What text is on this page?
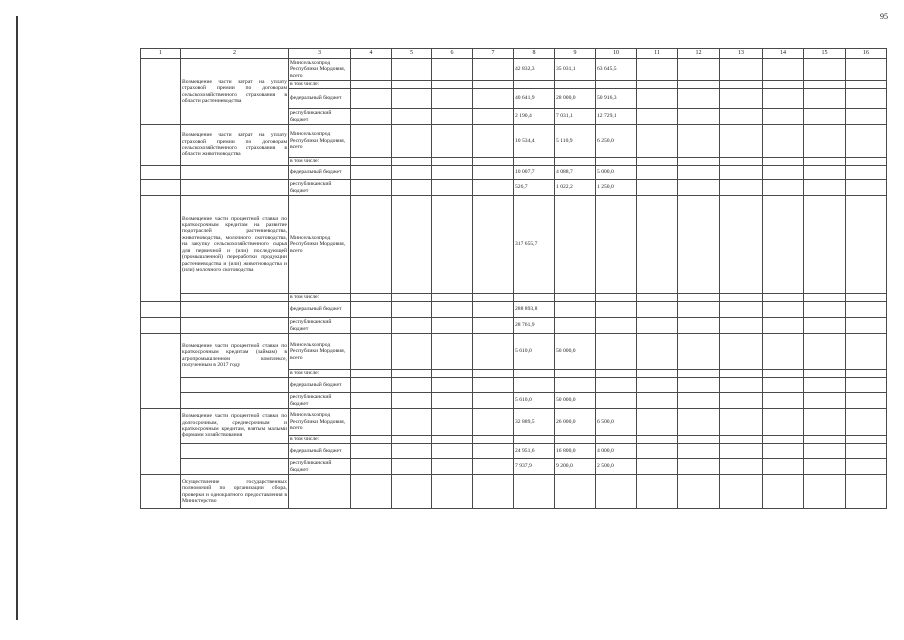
95
1	2	3	4	5	6	7	8	9	10	11	12	13	14	15	16
	Возмещение части затрат на уплату страховой премии по договорам сельскохозяйственного страхования в области растениеводства	Минсельхозпрод Республики Мордовия, всего					42 832,3	35 031,1	63 645,5						
		в том числе:													
		федеральный бюджет					40 641,9	28 000,0	50 916,3						
		республиканский бюджет					2 190,4	7 031,1	12 729,1						
	Возмещение части затрат на уплату страховой премии по договорам сельскохозяйственного страхования в области животноводства	Минсельхозпрод Республики Мордовия, всего					10 534,4	5 110,9	6 250,0						
		в том числе:													
		федеральный бюджет					10 007,7	4 088,7	5 000,0						
		республиканский бюджет					526,7	1 022,2	1 250,0						
	Возмещение части процентной ставки по краткосрочным кредитам на развитие подотраслей растениеводства, животноводства, молочного скотоводства, на закупку сельскохозяйственного сырья для первичной и (или) последующей (промышленной) переработки продукции растениеводства и (или) животноводства и (или) молочного скотоводства	Минсельхозпрод Республики Мордовия, всего					317 655,7								
		в том числе:													
		федеральный бюджет					288 893,8								
		республиканский бюджет					28 761,9								
	Возмещение части процентной ставки по краткосрочным кредитам (займам) в агропромышленном комплексе, полученным в 2017 году	Минсельхозпрод Республики Мордовия, всего					5 610,0	50 000,0							
		в том числе:													
		федеральный бюджет													
		республиканский бюджет					5 610,0	50 000,0							
	Возмещение части процентной ставки по долгосрочным, среднесрочным и краткосрочным кредитам, взятым малыми формами хозяйствования	Минсельхозпрод Республики Мордовия, всего					32 889,5	26 000,0	6 500,0						
		в том числе:													
		федеральный бюджет					24 951,6	16 800,0	4 000,0						
		республиканский бюджет					7 937,9	9 200,0	2 500,0						
	Осуществление государственных полномочий по организации сбора, проверки и однократного предоставления в Министерство														
